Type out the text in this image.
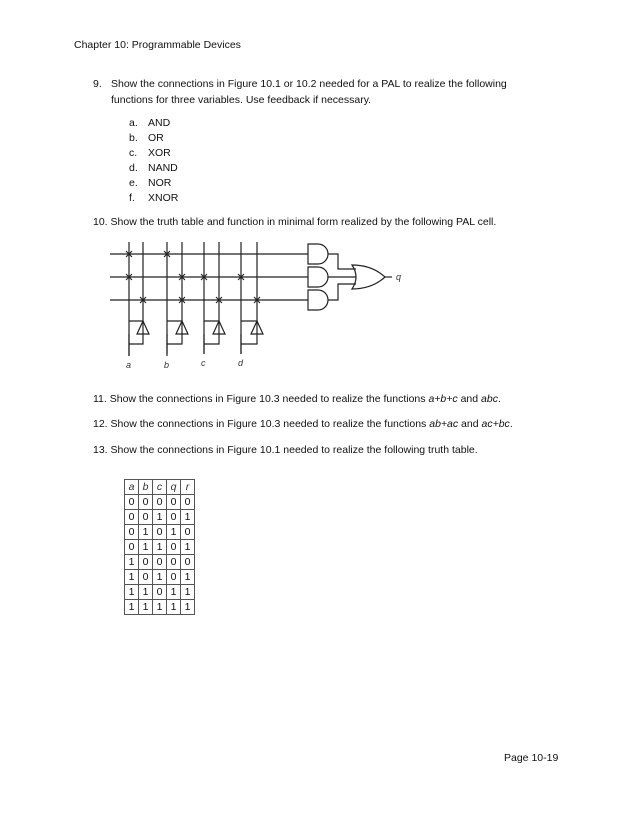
Chapter 10: Programmable Devices
9. Show the connections in Figure 10.1 or 10.2 needed for a PAL to realize the following functions for three variables. Use feedback if necessary.
a. AND
b. OR
c. XOR
d. NAND
e. NOR
f. XNOR
10. Show the truth table and function in minimal form realized by the following PAL cell.
a	b	c	d
q
11. Show the connections in Figure 10.3 needed to realize the functions a+b+c and abc.
12. Show the connections in Figure 10.3 needed to realize the functions ab+ac and ac+bc.
13. Show the connections in Figure 10.1 needed to realize the following truth table.
a	b	c	q	r
0	0	0	0	0
0	0	1	0	1
0	1	0	1	0
0	1	1	0	1
1	0	0	0	0
1	0	1	0	1
1	1	0	1	1
1	1	1	1	1
Page 10-19
